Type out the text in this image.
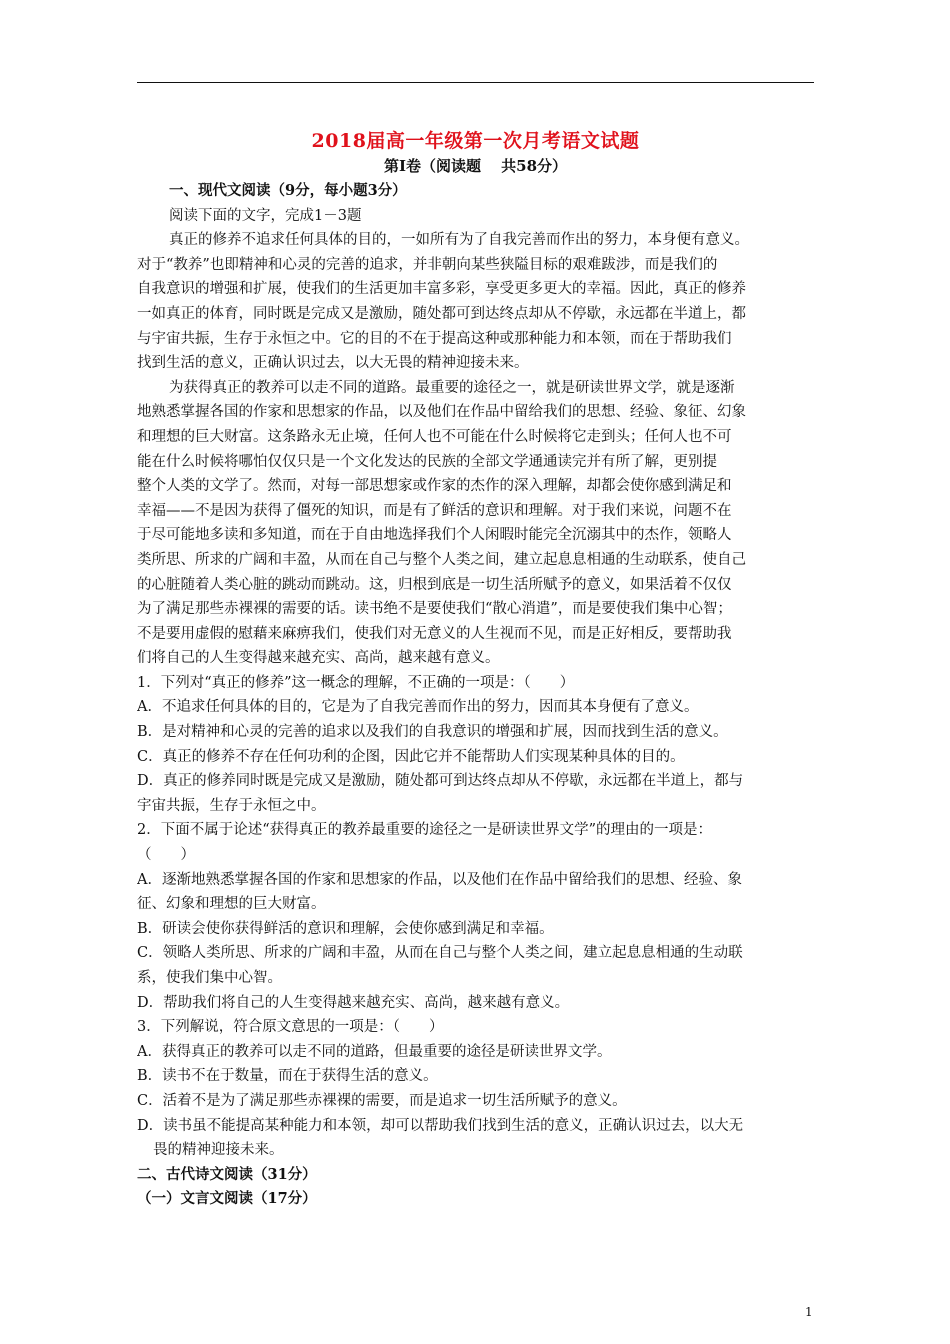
2018届高一年级第一次月考语文试题
第Ⅰ卷（阅读题　 共58分）
一、现代文阅读（9分，每小题3分）
阅读下面的文字，完成1－3题
真正的修养不追求任何具体的目的，一如所有为了自我完善而作出的努力，本身便有意义。
对于“教养”也即精神和心灵的完善的追求，并非朝向某些狭隘目标的艰难跋涉，而是我们的
自我意识的增强和扩展，使我们的生活更加丰富多彩，享受更多更大的幸福。因此，真正的修养
一如真正的体育，同时既是完成又是激励，随处都可到达终点却从不停歇，永远都在半道上，都
与宇宙共振，生存于永恒之中。它的目的不在于提高这种或那种能力和本领，而在于帮助我们
找到生活的意义，正确认识过去，以大无畏的精神迎接未来。
为获得真正的教养可以走不同的道路。最重要的途径之一，就是研读世界文学，就是逐渐
地熟悉掌握各国的作家和思想家的作品，以及他们在作品中留给我们的思想、经验、象征、幻象
和理想的巨大财富。这条路永无止境，任何人也不可能在什么时候将它走到头；任何人也不可
能在什么时候将哪怕仅仅只是一个文化发达的民族的全部文学通通读完并有所了解，更别提
整个人类的文学了。然而，对每一部思想家或作家的杰作的深入理解，却都会使你感到满足和
幸福——不是因为获得了僵死的知识，而是有了鲜活的意识和理解。对于我们来说，问题不在
于尽可能地多读和多知道，而在于自由地选择我们个人闲暇时能完全沉溺其中的杰作，领略人
类所思、所求的广阔和丰盈，从而在自己与整个人类之间，建立起息息相通的生动联系，使自己
的心脏随着人类心脏的跳动而跳动。这，归根到底是一切生活所赋予的意义，如果活着不仅仅
为了满足那些赤裸裸的需要的话。读书绝不是要使我们“散心消遣”，而是要使我们集中心智；
不是要用虚假的慰藉来麻痹我们，使我们对无意义的人生视而不见，而是正好相反，要帮助我
们将自己的人生变得越来越充实、高尚，越来越有意义。
1．下列对“真正的修养”这一概念的理解，不正确的一项是：（　　）
A．不追求任何具体的目的，它是为了自我完善而作出的努力，因而其本身便有了意义。
B．是对精神和心灵的完善的追求以及我们的自我意识的增强和扩展，因而找到生活的意义。
C．真正的修养不存在任何功利的企图，因此它并不能帮助人们实现某种具体的目的。
D．真正的修养同时既是完成又是激励，随处都可到达终点却从不停歇，永远都在半道上，都与
宇宙共振，生存于永恒之中。
2．下面不属于论述“获得真正的教养最重要的途径之一是研读世界文学”的理由的一项是：
（　　）
A．逐渐地熟悉掌握各国的作家和思想家的作品，以及他们在作品中留给我们的思想、经验、象
征、幻象和理想的巨大财富。
B．研读会使你获得鲜活的意识和理解，会使你感到满足和幸福。
C．领略人类所思、所求的广阔和丰盈，从而在自己与整个人类之间，建立起息息相通的生动联
系，使我们集中心智。
D．帮助我们将自己的人生变得越来越充实、高尚，越来越有意义。
3．下列解说，符合原文意思的一项是：（　　）
A．获得真正的教养可以走不同的道路，但最重要的途径是研读世界文学。
B．读书不在于数量，而在于获得生活的意义。
C．活着不是为了满足那些赤裸裸的需要，而是追求一切生活所赋予的意义。
D．读书虽不能提高某种能力和本领，却可以帮助我们找到生活的意义，正确认识过去，以大无
畏的精神迎接未来。
二、古代诗文阅读（31分）
（一）文言文阅读（17分）
1
